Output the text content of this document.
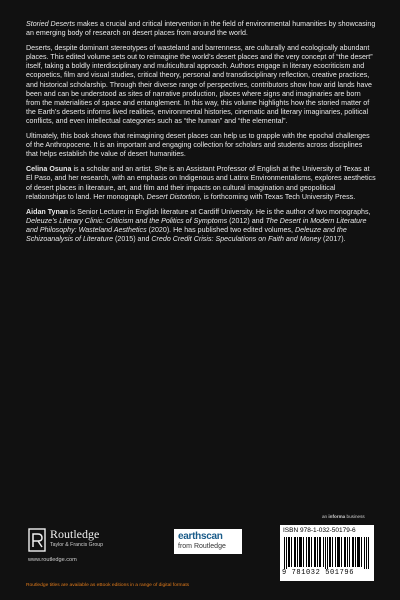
Storied Deserts makes a crucial and critical intervention in the field of environmental humanities by showcasing an emerging body of research on desert places from around the world.

Deserts, despite dominant stereotypes of wasteland and barrenness, are culturally and ecologically abundant places. This edited volume sets out to reimagine the world’s desert places and the very concept of “the desert” itself, taking a boldly interdisciplinary and multicultural approach. Authors engage in literary ecocriticism and ecopoetics, film and visual studies, critical theory, personal and transdisciplinary reflection, creative practices, and historical scholarship. Through their diverse range of perspectives, contributors show how arid lands have been and can be understood as sites of narrative production, places where signs and imaginaries are born from the materialities of space and entanglement. In this way, this volume highlights how the storied matter of the Earth’s deserts informs lived realities, environmental histories, cinematic and literary imaginaries, political conflicts, and even intellectual categories such as “the human” and “the elemental”.

Ultimately, this book shows that reimagining desert places can help us to grapple with the epochal challenges of the Anthropocene. It is an important and engaging collection for scholars and students across disciplines that helps establish the value of desert humanities.

Celina Osuna is a scholar and an artist. She is an Assistant Professor of English at the University of Texas at El Paso, and her research, with an emphasis on Indigenous and Latinx Environmentalisms, explores aesthetics of desert places in literature, art, and film and their impacts on cultural imagination and geopolitical relationships to land. Her monograph, Desert Distortion, is forthcoming with Texas Tech University Press.

Aidan Tynan is Senior Lecturer in English literature at Cardiff University. He is the author of two monographs, Deleuze’s Literary Clinic: Criticism and the Politics of Symptoms (2012) and The Desert in Modern Literature and Philosophy: Wasteland Aesthetics (2020). He has published two edited volumes, Deleuze and the Schizoanalysis of Literature (2015) and Credo Credit Crisis: Speculations on Faith and Money (2017).

an informa business
Routledge
Taylor & Francis Group
www.routledge.com
earthscan
from Routledge
ISBN 978-1-032-50179-6
9 781032 501796
Routledge titles are available as eBook editions in a range of digital formats
